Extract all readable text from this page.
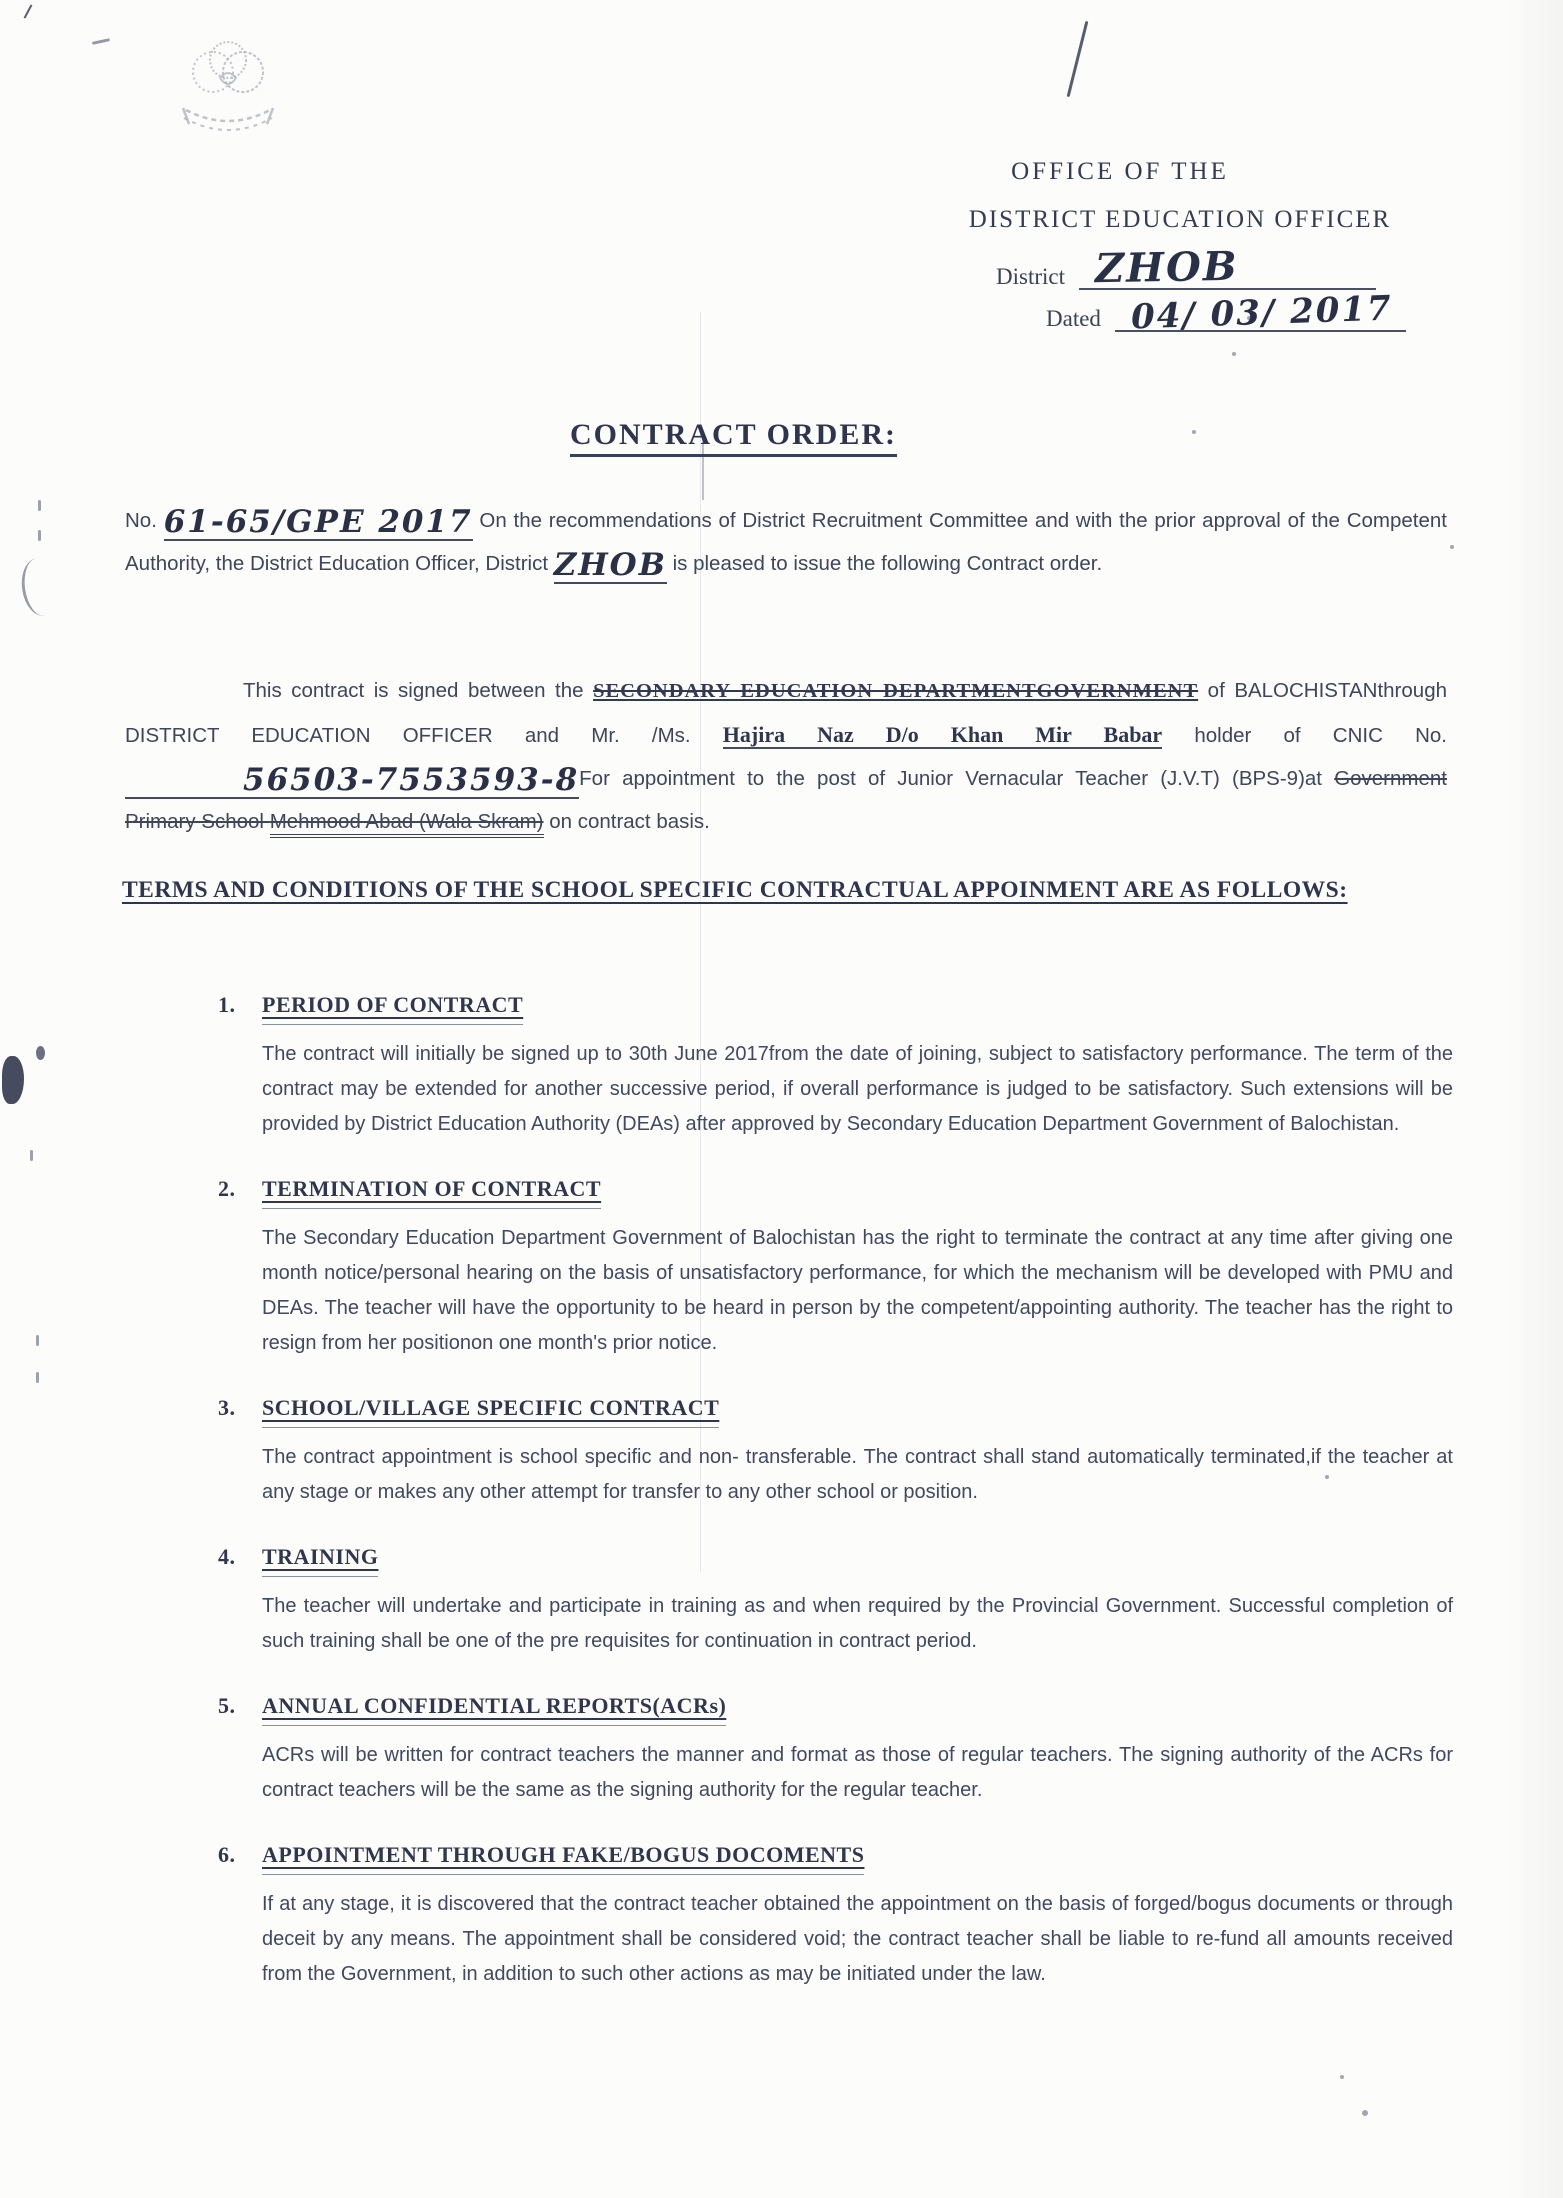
OFFICE OF THE
DISTRICT EDUCATION OFFICER
District ZHOB
Dated 04/ 03/ 2017
CONTRACT ORDER:

No. 61-65/GPE 2017 On the recommendations of District Recruitment Committee and with the prior approval of the Competent Authority, the District Education Officer, District ZHOB is pleased to issue the following Contract order.

This contract is signed between the SECONDARY EDUCATION DEPARTMENTGOVERNMENT of BALOCHISTANthrough DISTRICT EDUCATION OFFICER and Mr. /Ms. Hajira Naz D/o Khan Mir Babar holder of CNIC No. 56503-7553593-8For appointment to the post of Junior Vernacular Teacher (J.V.T) (BPS-9)at Government Primary School Mehmood Abad (Wala Skram) on contract basis.

TERMS AND CONDITIONS OF THE SCHOOL SPECIFIC CONTRACTUAL APPOINMENT ARE AS FOLLOWS:
1. PERIOD OF CONTRACT

The contract will initially be signed up to 30th June 2017from the date of joining, subject to satisfactory performance. The term of the contract may be extended for another successive period, if overall performance is judged to be satisfactory. Such extensions will be provided by District Education Authority (DEAs) after approved by Secondary Education Department Government of Balochistan.

2. TERMINATION OF CONTRACT

The Secondary Education Department Government of Balochistan has the right to terminate the contract at any time after giving one month notice/personal hearing on the basis of unsatisfactory performance, for which the mechanism will be developed with PMU and DEAs. The teacher will have the opportunity to be heard in person by the competent/appointing authority. The teacher has the right to resign from her positionon one month's prior notice.

3. SCHOOL/VILLAGE SPECIFIC CONTRACT

The contract appointment is school specific and non- transferable. The contract shall stand automatically terminated,if the teacher at any stage or makes any other attempt for transfer to any other school or position.

4. TRAINING

The teacher will undertake and participate in training as and when required by the Provincial Government. Successful completion of such training shall be one of the pre requisites for continuation in contract period.

5. ANNUAL CONFIDENTIAL REPORTS(ACRs)

ACRs will be written for contract teachers the manner and format as those of regular teachers. The signing authority of the ACRs for contract teachers will be the same as the signing authority for the regular teacher.

6. APPOINTMENT THROUGH FAKE/BOGUS DOCOMENTS

If at any stage, it is discovered that the contract teacher obtained the appointment on the basis of forged/bogus documents or through deceit by any means. The appointment shall be considered void; the contract teacher shall be liable to re-fund all amounts received from the Government, in addition to such other actions as may be initiated under the law.
